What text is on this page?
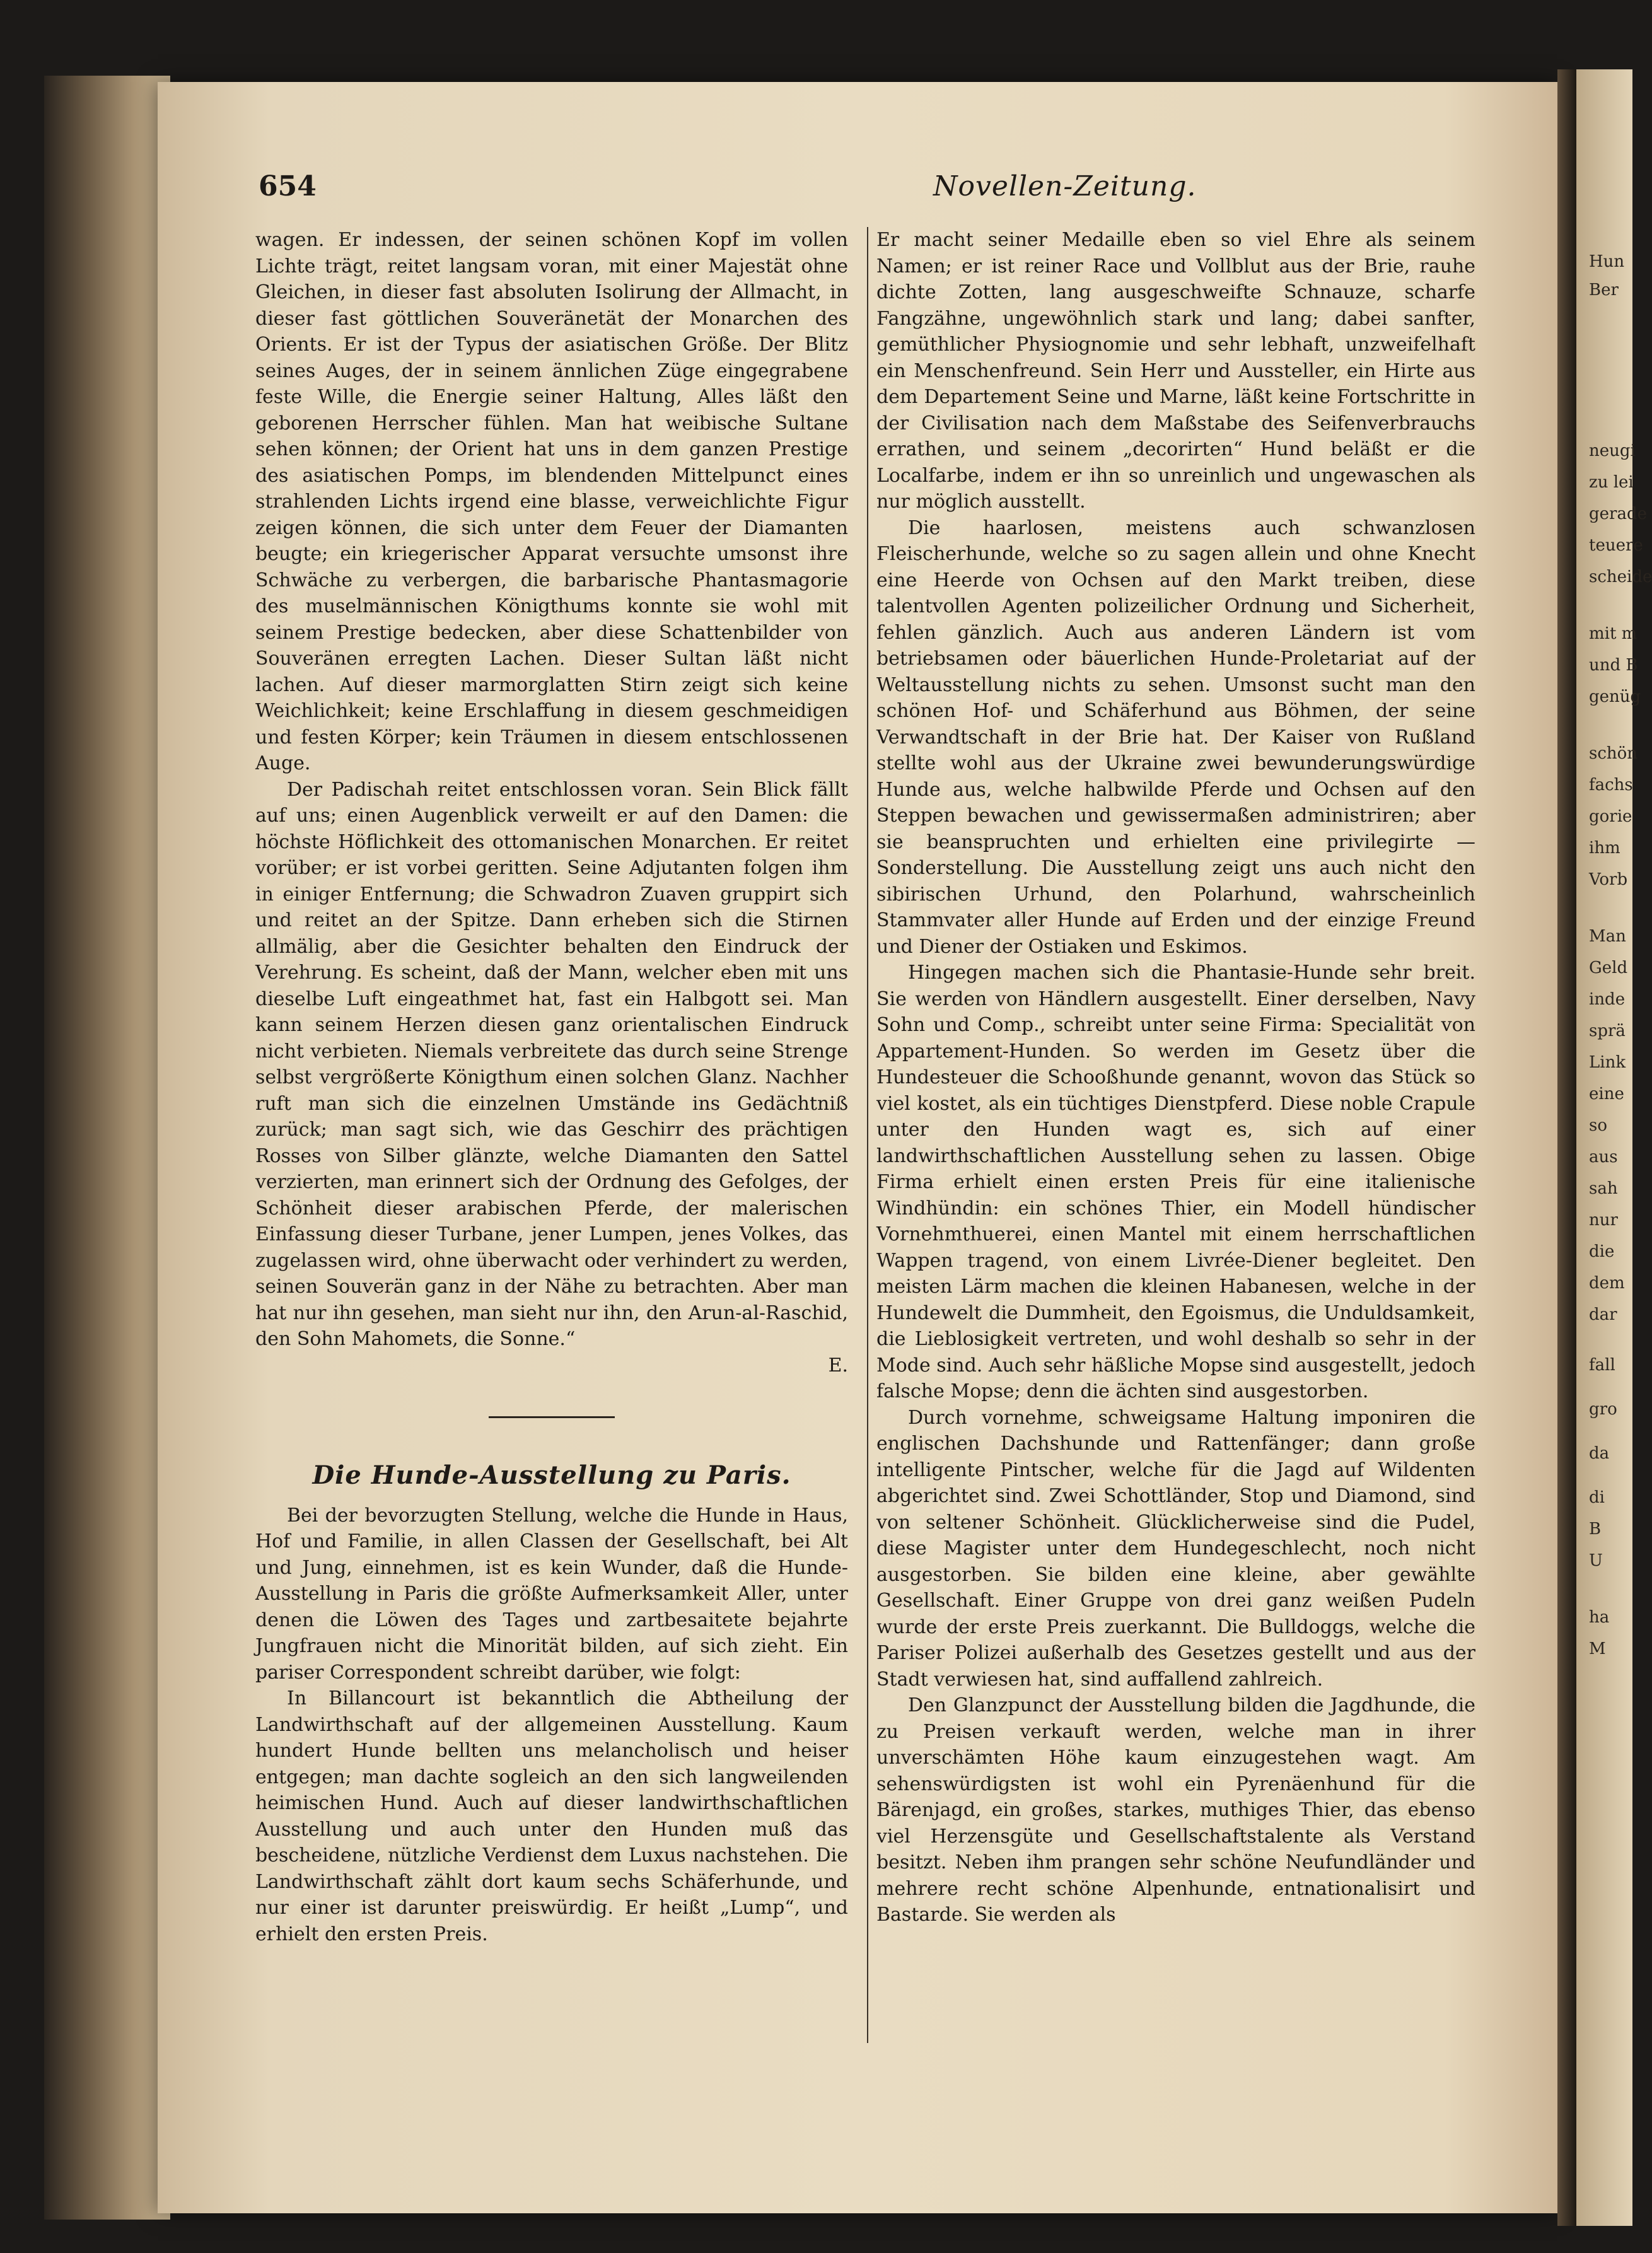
654	Novellen-Zeitung.

wagen. Er indessen, der seinen schönen Kopf im vollen Lichte trägt, reitet langsam voran, mit einer Majestät ohne Gleichen, in dieser fast absoluten Isolirung der Allmacht, in dieser fast göttlichen Souveränetät der Monarchen des Orients. Er ist der Typus der asiatischen Größe. Der Blitz seines Auges, der in seinem ännlichen Züge eingegrabene feste Wille, die Energie seiner Haltung, Alles läßt den geborenen Herrscher fühlen. Man hat weibische Sultane sehen können; der Orient hat uns in dem ganzen Prestige des asiatischen Pomps, im blendenden Mittelpunct eines strahlenden Lichts irgend eine blasse, verweichlichte Figur zeigen können, die sich unter dem Feuer der Diamanten beugte; ein kriegerischer Apparat versuchte umsonst ihre Schwäche zu verbergen, die barbarische Phantasmagorie des muselmännischen Königthums konnte sie wohl mit seinem Prestige bedecken, aber diese Schattenbilder von Souveränen erregten Lachen. Dieser Sultan läßt nicht lachen. Auf dieser marmorglatten Stirn zeigt sich keine Weichlichkeit; keine Erschlaffung in diesem geschmeidigen und festen Körper; kein Träumen in diesem entschlossenen Auge.

Der Padischah reitet entschlossen voran. Sein Blick fällt auf uns; einen Augenblick verweilt er auf den Damen: die höchste Höflichkeit des ottomanischen Monarchen. Er reitet vorüber; er ist vorbei geritten. Seine Adjutanten folgen ihm in einiger Entfernung; die Schwadron Zuaven gruppirt sich und reitet an der Spitze. Dann erheben sich die Stirnen allmälig, aber die Gesichter behalten den Eindruck der Verehrung. Es scheint, daß der Mann, welcher eben mit uns dieselbe Luft eingeathmet hat, fast ein Halbgott sei. Man kann seinem Herzen diesen ganz orientalischen Eindruck nicht verbieten. Niemals verbreitete das durch seine Strenge selbst vergrößerte Königthum einen solchen Glanz. Nachher ruft man sich die einzelnen Umstände ins Gedächtniß zurück; man sagt sich, wie das Geschirr des prächtigen Rosses von Silber glänzte, welche Diamanten den Sattel verzierten, man erinnert sich der Ordnung des Gefolges, der Schönheit dieser arabischen Pferde, der malerischen Einfassung dieser Turbane, jener Lumpen, jenes Volkes, das zugelassen wird, ohne überwacht oder verhindert zu werden, seinen Souverän ganz in der Nähe zu betrachten. Aber man hat nur ihn gesehen, man sieht nur ihn, den Arun-al-Raschid, den Sohn Mahomets, die Sonne.“

E.

Die Hunde-Ausstellung zu Paris.

Bei der bevorzugten Stellung, welche die Hunde in Haus, Hof und Familie, in allen Classen der Gesellschaft, bei Alt und Jung, einnehmen, ist es kein Wunder, daß die Hunde-Ausstellung in Paris die größte Aufmerksamkeit Aller, unter denen die Löwen des Tages und zartbesaitete bejahrte Jungfrauen nicht die Minorität bilden, auf sich zieht. Ein pariser Correspondent schreibt darüber, wie folgt:

In Billancourt ist bekanntlich die Abtheilung der Landwirthschaft auf der allgemeinen Ausstellung. Kaum hundert Hunde bellten uns melancholisch und heiser entgegen; man dachte sogleich an den sich langweilenden heimischen Hund. Auch auf dieser landwirthschaftlichen Ausstellung und auch unter den Hunden muß das bescheidene, nützliche Verdienst dem Luxus nachstehen. Die Landwirthschaft zählt dort kaum sechs Schäferhunde, und nur einer ist darunter preiswürdig. Er heißt „Lump“, und erhielt den ersten Preis.

Er macht seiner Medaille eben so viel Ehre als seinem Namen; er ist reiner Race und Vollblut aus der Brie, rauhe dichte Zotten, lang ausgeschweifte Schnauze, scharfe Fangzähne, ungewöhnlich stark und lang; dabei sanfter, gemüthlicher Physiognomie und sehr lebhaft, unzweifelhaft ein Menschenfreund. Sein Herr und Aussteller, ein Hirte aus dem Departement Seine und Marne, läßt keine Fortschritte in der Civilisation nach dem Maßstabe des Seifenverbrauchs errathen, und seinem „decorirten“ Hund beläßt er die Localfarbe, indem er ihn so unreinlich und ungewaschen als nur möglich ausstellt.

Die haarlosen, meistens auch schwanzlosen Fleischerhunde, welche so zu sagen allein und ohne Knecht eine Heerde von Ochsen auf den Markt treiben, diese talentvollen Agenten polizeilicher Ordnung und Sicherheit, fehlen gänzlich. Auch aus anderen Ländern ist vom betriebsamen oder bäuerlichen Hunde-Proletariat auf der Weltausstellung nichts zu sehen. Umsonst sucht man den schönen Hof- und Schäferhund aus Böhmen, der seine Verwandtschaft in der Brie hat. Der Kaiser von Rußland stellte wohl aus der Ukraine zwei bewunderungswürdige Hunde aus, welche halbwilde Pferde und Ochsen auf den Steppen bewachen und gewissermaßen administriren; aber sie beanspruchten und erhielten eine privilegirte — Sonderstellung. Die Ausstellung zeigt uns auch nicht den sibirischen Urhund, den Polarhund, wahrscheinlich Stammvater aller Hunde auf Erden und der einzige Freund und Diener der Ostiaken und Eskimos.

Hingegen machen sich die Phantasie-Hunde sehr breit. Sie werden von Händlern ausgestellt. Einer derselben, Navy Sohn und Comp., schreibt unter seine Firma: Specialität von Appartement-Hunden. So werden im Gesetz über die Hundesteuer die Schooßhunde genannt, wovon das Stück so viel kostet, als ein tüchtiges Dienstpferd. Diese noble Crapule unter den Hunden wagt es, sich auf einer landwirthschaftlichen Ausstellung sehen zu lassen. Obige Firma erhielt einen ersten Preis für eine italienische Windhündin: ein schönes Thier, ein Modell hündischer Vornehmthuerei, einen Mantel mit einem herrschaftlichen Wappen tragend, von einem Livrée-Diener begleitet. Den meisten Lärm machen die kleinen Habanesen, welche in der Hundewelt die Dummheit, den Egoismus, die Unduldsamkeit, die Lieblosigkeit vertreten, und wohl deshalb so sehr in der Mode sind. Auch sehr häßliche Mopse sind ausgestellt, jedoch falsche Mopse; denn die ächten sind ausgestorben.

Durch vornehme, schweigsame Haltung imponiren die englischen Dachshunde und Rattenfänger; dann große intelligente Pintscher, welche für die Jagd auf Wildenten abgerichtet sind. Zwei Schottländer, Stop und Diamond, sind von seltener Schönheit. Glücklicherweise sind die Pudel, diese Magister unter dem Hundegeschlecht, noch nicht ausgestorben. Sie bilden eine kleine, aber gewählte Gesellschaft. Einer Gruppe von drei ganz weißen Pudeln wurde der erste Preis zuerkannt. Die Bulldoggs, welche die Pariser Polizei außerhalb des Gesetzes gestellt und aus der Stadt verwiesen hat, sind auffallend zahlreich.

Den Glanzpunct der Ausstellung bilden die Jagdhunde, die zu Preisen verkauft werden, welche man in ihrer unverschämten Höhe kaum einzugestehen wagt. Am sehenswürdigsten ist wohl ein Pyrenäenhund für die Bärenjagd, ein großes, starkes, muthiges Thier, das ebenso viel Herzensgüte und Gesellschaftstalente als Verstand besitzt. Neben ihm prangen sehr schöne Neufundländer und mehrere recht schöne Alpenhunde, entnationalisirt und Bastarde. Sie werden als

Hun
Ber
neugi
zu lei
gerade
teuere
scheide
mit m
und B
genüg
schön
fachs
gorie
ihm
Vorb
Man
Geld
inde
sprä
Link
eine
so
aus
sah
nur
die
dem
dar
fall
gro
da
di
B
U
ha
M
